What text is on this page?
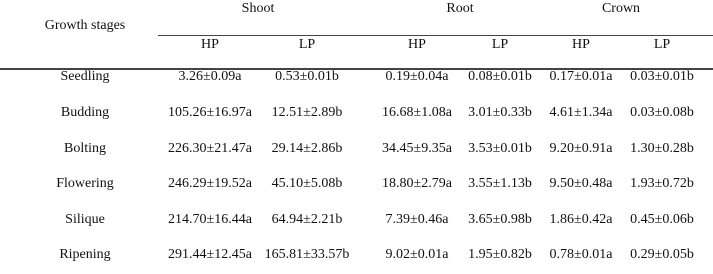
Growth stages
Shoot	Root	Crown
HP	LP	HP	LP	HP	LP
Seedling	3.26±0.09a 0.53±0.01b	0.19±0.04a 0.08±0.01b 0.17±0.01a 0.03±0.01b
Budding	105.26±16.97a 12.51±2.89b	16.68±1.08a 3.01±0.33b 4.61±1.34a 0.03±0.08b
Bolting	226.30±21.47a 29.14±2.86b	34.45±9.35a 3.53±0.01b 9.20±0.91a 1.30±0.28b
Flowering	246.29±19.52a 45.10±5.08b	18.80±2.79a 3.55±1.13b 9.50±0.48a 1.93±0.72b
Silique	214.70±16.44a 64.94±2.21b	7.39±0.46a 3.65±0.98b 1.86±0.42a 0.45±0.06b
Ripening	291.44±12.45a 165.81±33.57b	9.02±0.01a 1.95±0.82b 0.78±0.01a 0.29±0.05b
